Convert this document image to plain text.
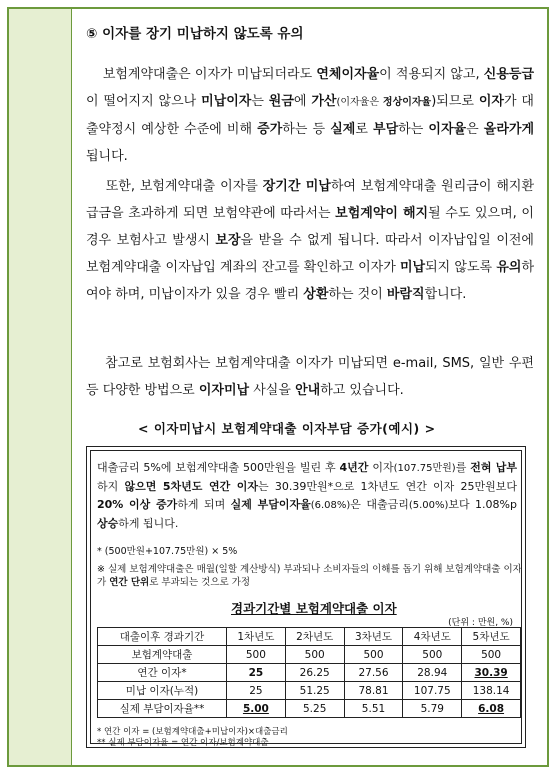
⑤ 이자를 장기 미납하지 않도록 유의

보험계약대출은 이자가 미납되더라도 연체이자율이 적용되지 않고, 신용등급이 떨어지지 않으나 미납이자는 원금에 가산(이자율은 정상이자율)되므로 이자가 대출약정시 예상한 수준에 비해 증가하는 등 실제로 부담하는 이자율은 올라가게 됩니다.

또한, 보험계약대출 이자를 장기간 미납하여 보험계약대출 원리금이 해지환급금을 초과하게 되면 보험약관에 따라서는 보험계약이 해지될 수도 있으며, 이 경우 보험사고 발생시 보장을 받을 수 없게 됩니다. 따라서 이자납입일 이전에 보험계약대출 이자납입 계좌의 잔고를 확인하고 이자가 미납되지 않도록 유의하여야 하며, 미납이자가 있을 경우 빨리 상환하는 것이 바람직합니다.

참고로 보험회사는 보험계약대출 이자가 미납되면 e-mail, SMS, 일반 우편 등 다양한 방법으로 이자미납 사실을 안내하고 있습니다.

< 이자미납시 보험계약대출 이자부담 증가(예시) >
대출금리 5%에 보험계약대출 500만원을 빌린 후 4년간 이자(107.75만원)를 전혀 납부하지 않으면 5차년도 연간 이자는 30.39만원*으로 1차년도 연간 이자 25만원보다 20% 이상 증가하게 되며 실제 부담이자율(6.08%)은 대출금리(5.00%)보다 1.08%p 상승하게 됩니다.
* (500만원+107.75만원) × 5%
※ 실제 보험계약대출은 매월(일할 계산방식) 부과되나 소비자들의 이해를 돕기 위해 보험계약대출 이자가 연간 단위로 부과되는 것으로 가정
경과기간별 보험계약대출 이자
(단위 : 만원, %)
대출이후 경과기간	1차년도	2차년도	3차년도	4차년도	5차년도
보험계약대출	500	500	500	500	500
연간 이자*	25	26.25	27.56	28.94	30.39
미납 이자(누적)	25	51.25	78.81	107.75	138.14
실제 부담이자율**	5.00	5.25	5.51	5.79	6.08
* 연간 이자 = (보험계약대출+미납이자)×대출금리
** 실제 부담이자율 = 연간 이자/보험계약대출
